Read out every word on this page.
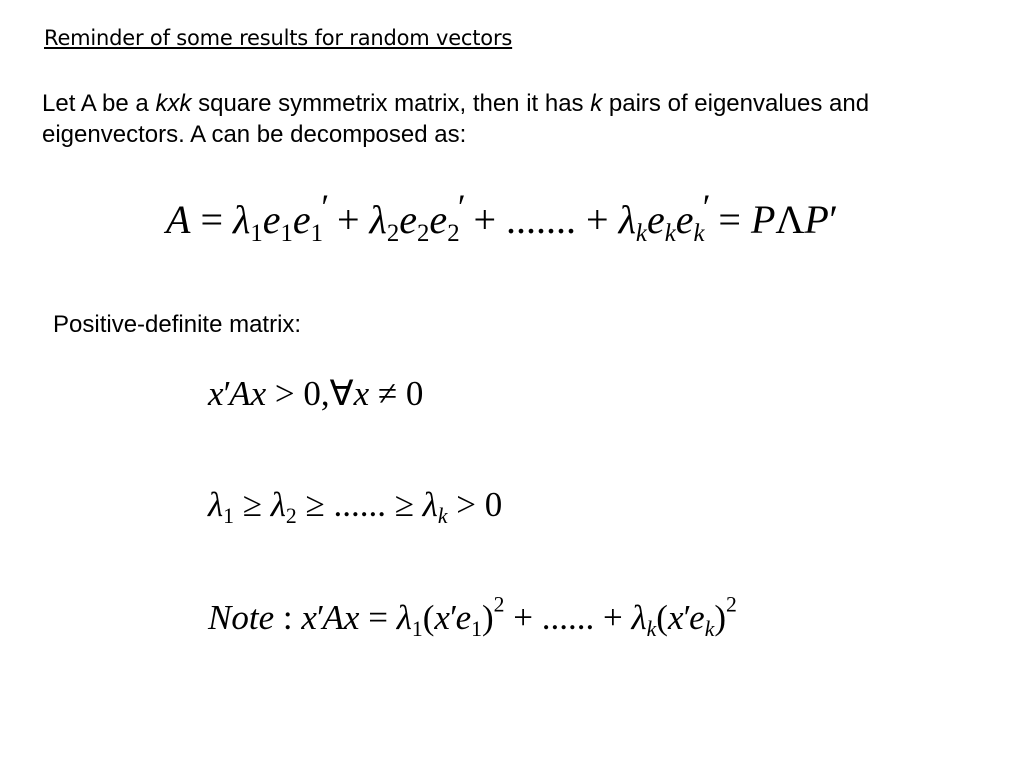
Reminder of some results for random vectors
Let A be a kxk square symmetrix matrix, then it has k pairs of eigenvalues and eigenvectors. A can be decomposed as:
$A = \lambda_1e_1e_1' + \lambda_2e_2e_2'$ + ....... + $\lambda_ke_ke_k' = P\Lambda P'$
Positive-definite matrix:
x′Ax > 0,∀x ≠ 0
$\lambda_1 \ge \lambda_2$ ≥ ...... ≥ $\lambda_k > 0$
Note : $x'Ax = \lambda_1(x'e_1)^2$ + ...... + $\lambda_k(x'e_k)^2$
